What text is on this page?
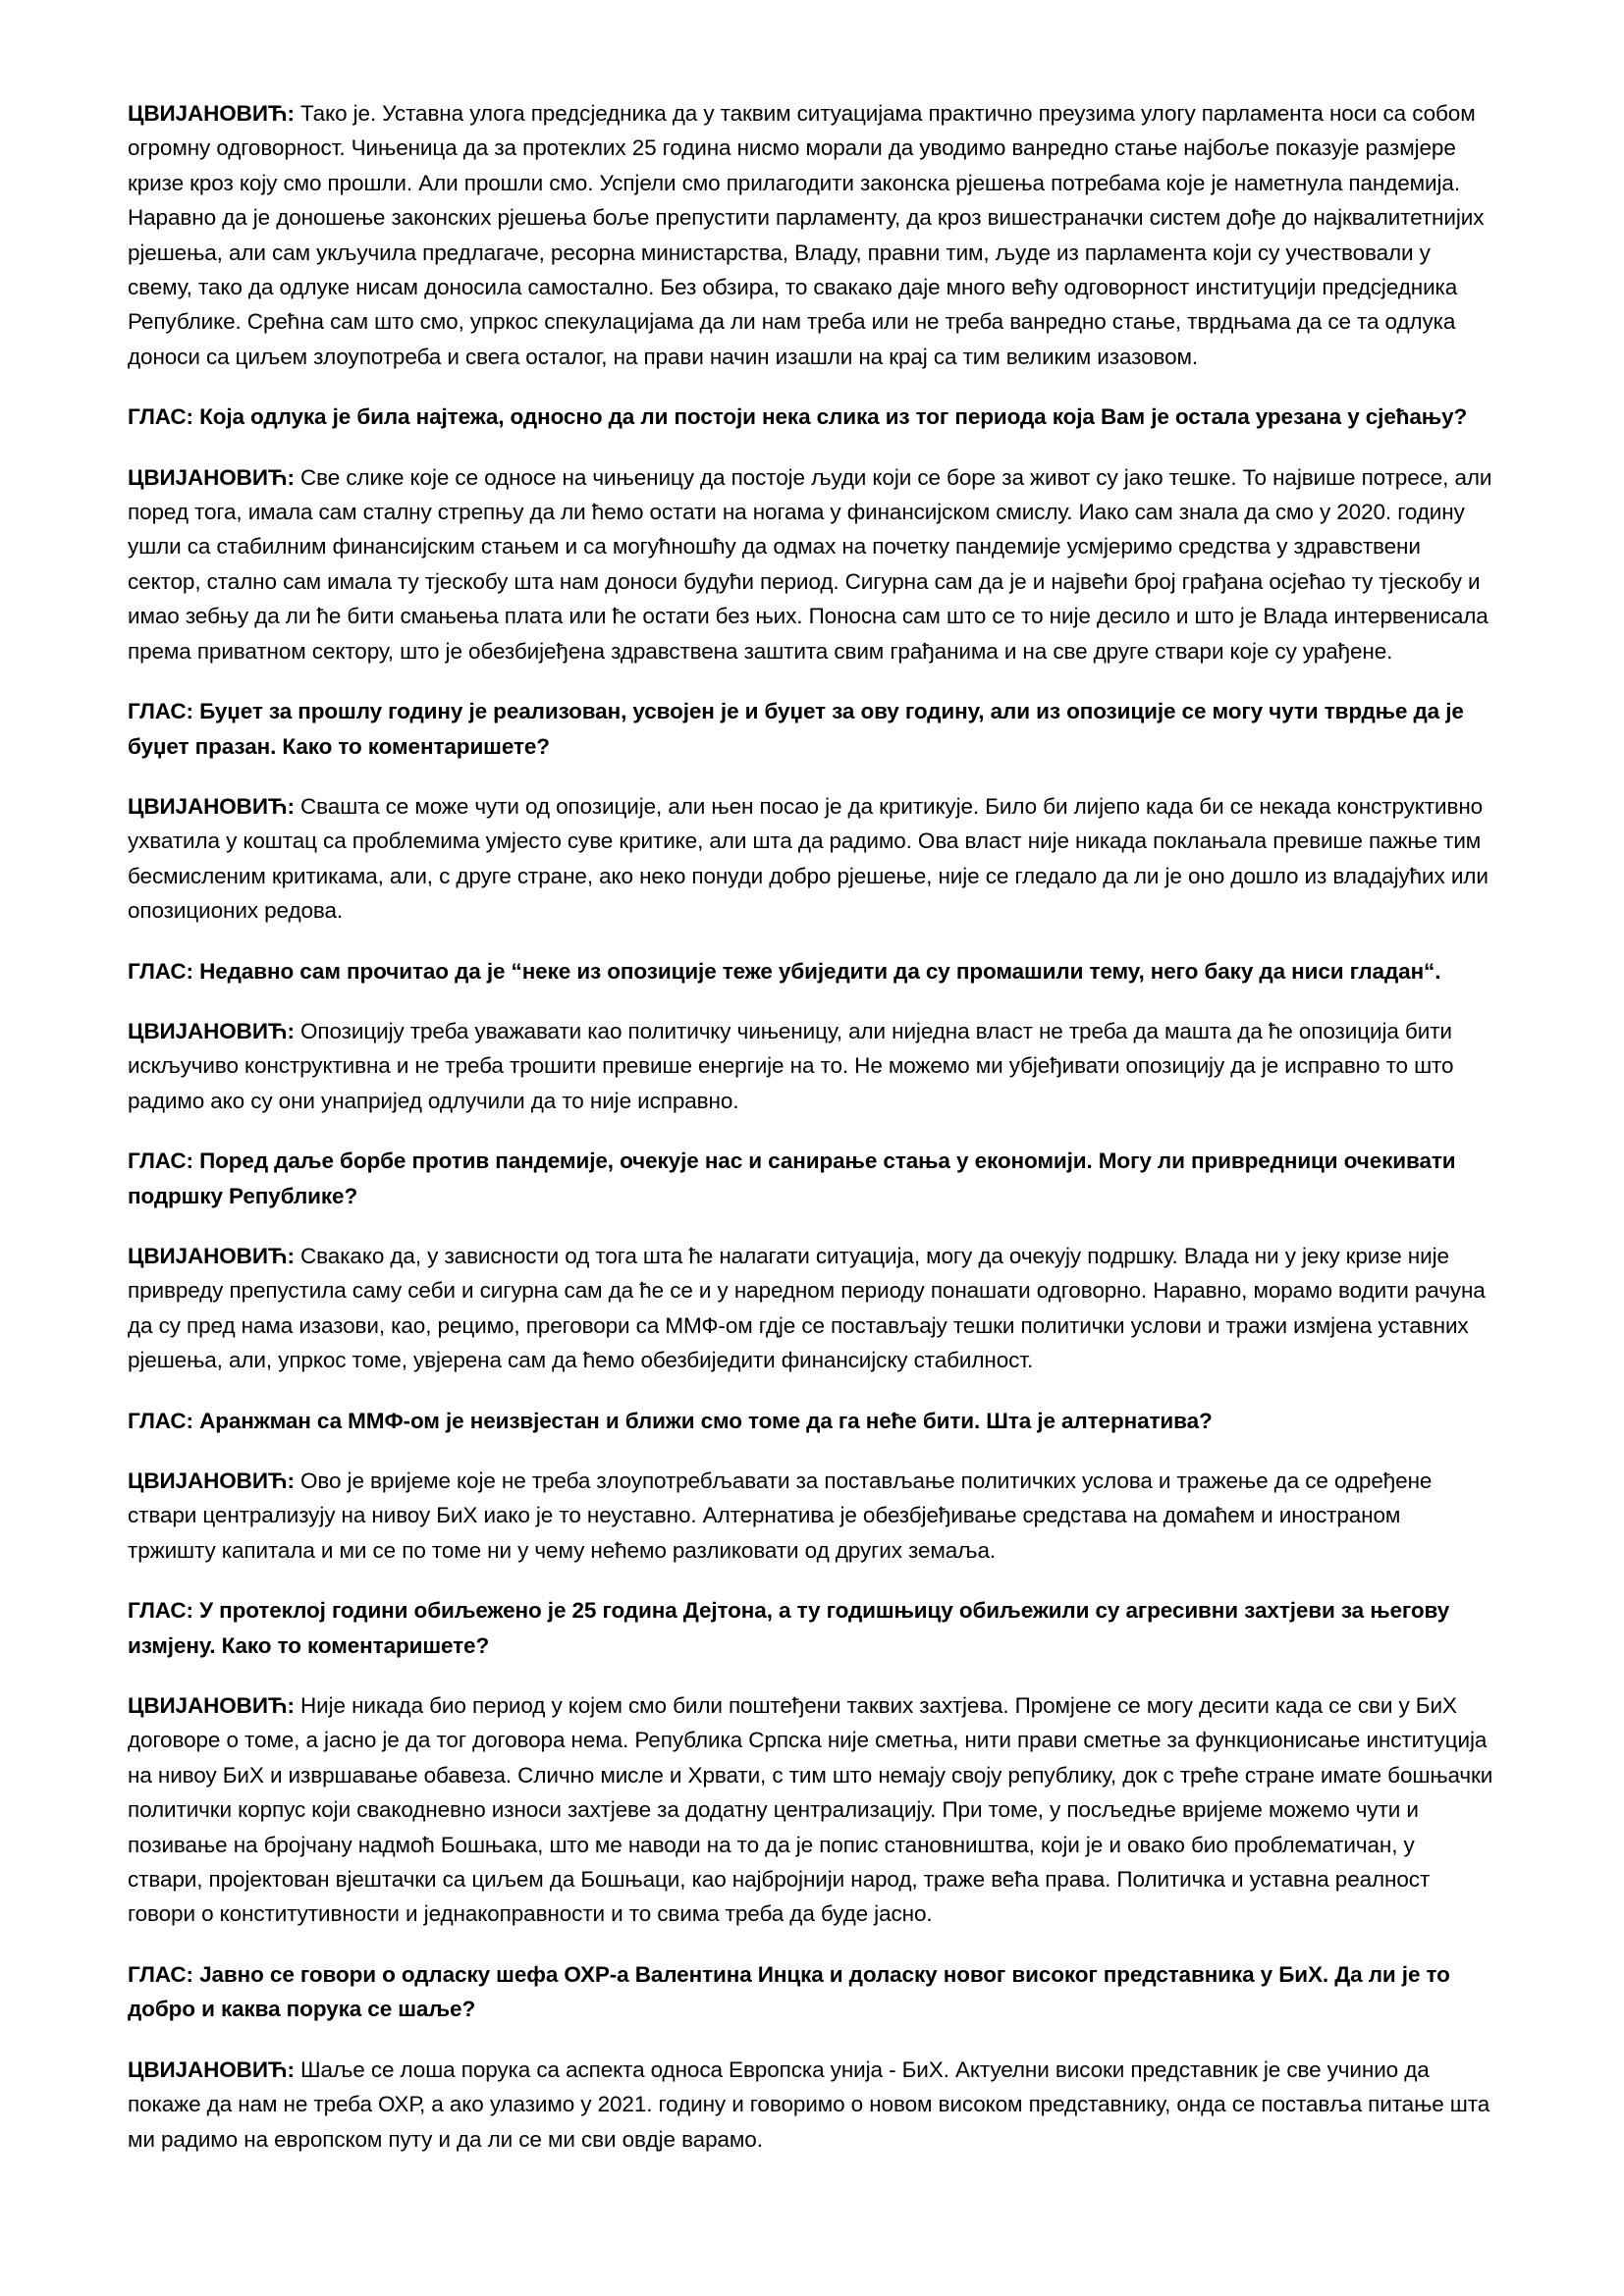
ЦВИЈАНОВИЋ: Тако је. Уставна улога предсједника да у таквим ситуацијама практично преузима улогу парламента носи са собом огромну одговорност. Чињеница да за протеклих 25 година нисмо морали да уводимо ванредно стање најбоље показује размјере кризе кроз коју смо прошли. Али прошли смо. Успјели смо прилагодити законска рјешења потребама које је наметнула пандемија. Наравно да је доношење законских рјешења боље препустити парламенту, да кроз вишестраначки систем дође до најквалитетнијих рјешења, али сам укључила предлагаче, ресорна министарства, Владу, правни тим, људе из парламента који су учествовали у свему, тако да одлуке нисам доносила самостално. Без обзира, то свакако даје много већу одговорност институцији предсједника Републике. Срећна сам што смо, упркос спекулацијама да ли нам треба или не треба ванредно стање, тврдњама да се та одлука доноси са циљем злоупотреба и свега осталог, на прави начин изашли на крај са тим великим изазовом.

ГЛАС: Која одлука је била најтежа, односно да ли постоји нека слика из тог периода која Вам је остала урезана у сјећању?

ЦВИЈАНОВИЋ: Све слике које се односе на чињеницу да постоје људи који се боре за живот су јако тешке. То највише потресе, али поред тога, имала сам сталну стрепњу да ли ћемо остати на ногама у финансијском смислу. Иако сам знала да смо у 2020. годину ушли са стабилним финансијским стањем и са могућношћу да одмах на почетку пандемије усмјеримо средства у здравствени сектор, стално сам имала ту тјескобу шта нам доноси будући период. Сигурна сам да је и највећи број грађана осјећао ту тјескобу и имао зебњу да ли ће бити смањења плата или ће остати без њих. Поносна сам што се то није десило и што је Влада интервенисала према приватном сектору, што је обезбијеђена здравствена заштита свим грађанима и на све друге ствари које су урађене.

ГЛАС: Буџет за прошлу годину је реализован, усвојен је и буџет за ову годину, али из опозиције се могу чути тврдње да је буџет празан. Како то коментаришете?

ЦВИЈАНОВИЋ: Свашта се може чути од опозиције, али њен посао је да критикује. Било би лијепо када би се некада конструктивно ухватила у коштац са проблемима умјесто суве критике, али шта да радимо. Ова власт није никада поклањала превише пажње тим бесмисленим критикама, али, с друге стране, ако неко понуди добро рјешење, није се гледало да ли је оно дошло из владајућих или опозиционих редова.

ГЛАС: Недавно сам прочитао да је “неке из опозиције теже убиједити да су промашили тему, него баку да ниси гладан“.

ЦВИЈАНОВИЋ: Опозицију треба уважавати као политичку чињеницу, али ниједна власт не треба да машта да ће опозиција бити искључиво конструктивна и не треба трошити превише енергије на то. Не можемо ми убјеђивати опозицију да је исправно то што радимо ако су они унапријед одлучили да то није исправно.

ГЛАС: Поред даље борбе против пандемије, очекује нас и санирање стања у економији. Могу ли привредници очекивати подршку Републике?

ЦВИЈАНОВИЋ: Свакако да, у зависности од тога шта ће налагати ситуација, могу да очекују подршку. Влада ни у јеку кризе није привреду препустила саму себи и сигурна сам да ће се и у наредном периоду понашати одговорно. Наравно, морамо водити рачуна да су пред нама изазови, као, рецимо, преговори са ММФ-ом гдје се постављају тешки политички услови и тражи измјена уставних рјешења, али, упркос томе, увјерена сам да ћемо обезбиједити финансијску стабилност.

ГЛАС: Аранжман са ММФ-ом је неизвјестан и ближи смо томе да га неће бити. Шта је алтернатива?

ЦВИЈАНОВИЋ: Ово је вријеме које не треба злоупотребљавати за постављање политичких услова и тражење да се одређене ствари централизују на нивоу БиХ иако је то неуставно. Алтернатива је обезбјеђивање средстава на домаћем и иностраном тржишту капитала и ми се по томе ни у чему нећемо разликовати од других земаља.

ГЛАС: У протеклој години обиљежено је 25 година Дејтона, а ту годишњицу обиљежили су агресивни захтјеви за његову измјену. Како то коментаришете?

ЦВИЈАНОВИЋ: Није никада био период у којем смо били поштеђени таквих захтјева. Промјене се могу десити када се сви у БиХ договоре о томе, а јасно је да тог договора нема. Република Српска није сметња, нити прави сметње за функционисање институција на нивоу БиХ и извршавање обавеза. Слично мисле и Хрвати, с тим што немају своју републику, док с треће стране имате бошњачки политички корпус који свакодневно износи захтјеве за додатну централизацију. При томе, у посљедње вријеме можемо чути и позивање на бројчану надмоћ Бошњака, што ме наводи на то да је попис становништва, који је и овако био проблематичан, у ствари, пројектован вјештачки са циљем да Бошњаци, као најбројнији народ, траже већа права. Политичка и уставна реалност говори о конститутивности и једнакоправности и то свима треба да буде јасно.

ГЛАС: Јавно се говори о одласку шефа ОХР-а Валентина Инцка и доласку новог високог представника у БиХ. Да ли је то добро и каква порука се шаље?

ЦВИЈАНОВИЋ: Шаље се лоша порука са аспекта односа Европска унија - БиХ. Актуелни високи представник је све учинио да покаже да нам не треба ОХР, а ако улазимо у 2021. годину и говоримо о новом високом представнику, онда се поставља питање шта ми радимо на европском путу и да ли се ми сви овдје варамо.
